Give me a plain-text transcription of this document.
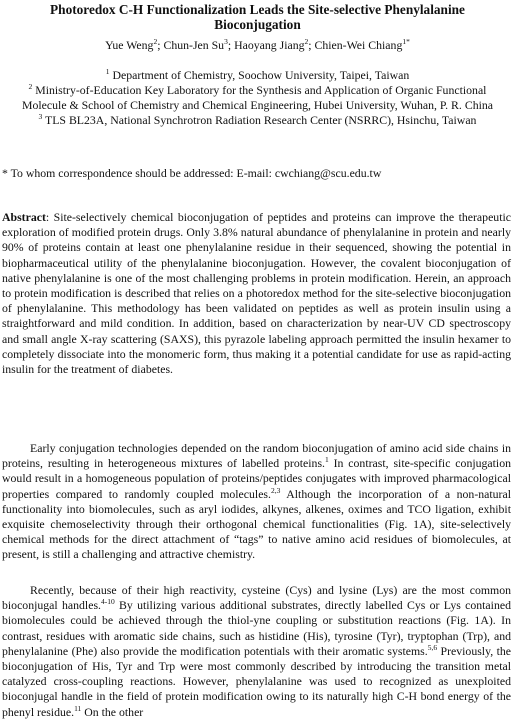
Photoredox C-H Functionalization Leads the Site-selective Phenylalanine Bioconjugation
Yue Weng$^2$; Chun-Jen Su$^3$; Haoyang Jiang$^2$; Chien-Wei Chiang$^{1*}$

$^1$ Department of Chemistry, Soochow University, Taipei, Taiwan

$^2$ Ministry-of-Education Key Laboratory for the Synthesis and Application of Organic Functional Molecule & School of Chemistry and Chemical Engineering, Hubei University, Wuhan, P. R. China

$^3$ TLS BL23A, National Synchrotron Radiation Research Center (NSRRC), Hsinchu, Taiwan

* To whom correspondence should be addressed: E-mail: cwchiang@scu.edu.tw

Abstract: Site-selectively chemical bioconjugation of peptides and proteins can improve the therapeutic exploration of modified protein drugs. Only 3.8% natural abundance of phenylalanine in protein and nearly 90% of proteins contain at least one phenylalanine residue in their sequenced, showing the potential in biopharmaceutical utility of the phenylalanine bioconjugation. However, the covalent bioconjugation of native phenylalanine is one of the most challenging problems in protein modification. Herein, an approach to protein modification is described that relies on a photoredox method for the site-selective bioconjugation of phenylalanine. This methodology has been validated on peptides as well as protein insulin using a straightforward and mild condition. In addition, based on characterization by near-UV CD spectroscopy and small angle X-ray scattering (SAXS), this pyrazole labeling approach permitted the insulin hexamer to completely dissociate into the monomeric form, thus making it a potential candidate for use as rapid-acting insulin for the treatment of diabetes.

Early conjugation technologies depended on the random bioconjugation of amino acid side chains in proteins, resulting in heterogeneous mixtures of labelled proteins.$^1$ In contrast, site-specific conjugation would result in a homogeneous population of proteins/peptides conjugates with improved pharmacological properties compared to randomly coupled molecules.$^{2,3}$ Although the incorporation of a non-natural functionality into biomolecules, such as aryl iodides, alkynes, alkenes, oximes and TCO ligation, exhibit exquisite chemoselectivity through their orthogonal chemical functionalities (Fig. 1A), site-selectively chemical methods for the direct attachment of “tags” to native amino acid residues of biomolecules, at present, is still a challenging and attractive chemistry.

Recently, because of their high reactivity, cysteine (Cys) and lysine (Lys) are the most common bioconjugal handles.$^{4-10}$ By utilizing various additional substrates, directly labelled Cys or Lys contained biomolecules could be achieved through the thiol-yne coupling or substitution reactions (Fig. 1A). In contrast, residues with aromatic side chains, such as histidine (His), tyrosine (Tyr), tryptophan (Trp), and phenylalanine (Phe) also provide the modification potentials with their aromatic systems.$^{5,6}$ Previously, the bioconjugation of His, Tyr and Trp were most commonly described by introducing the transition metal catalyzed cross-coupling reactions. However, phenylalanine was used to recognized as unexploited bioconjugal handle in the field of protein modification owing to its naturally high C-H bond energy of the phenyl residue.$^{11}$ On the other
